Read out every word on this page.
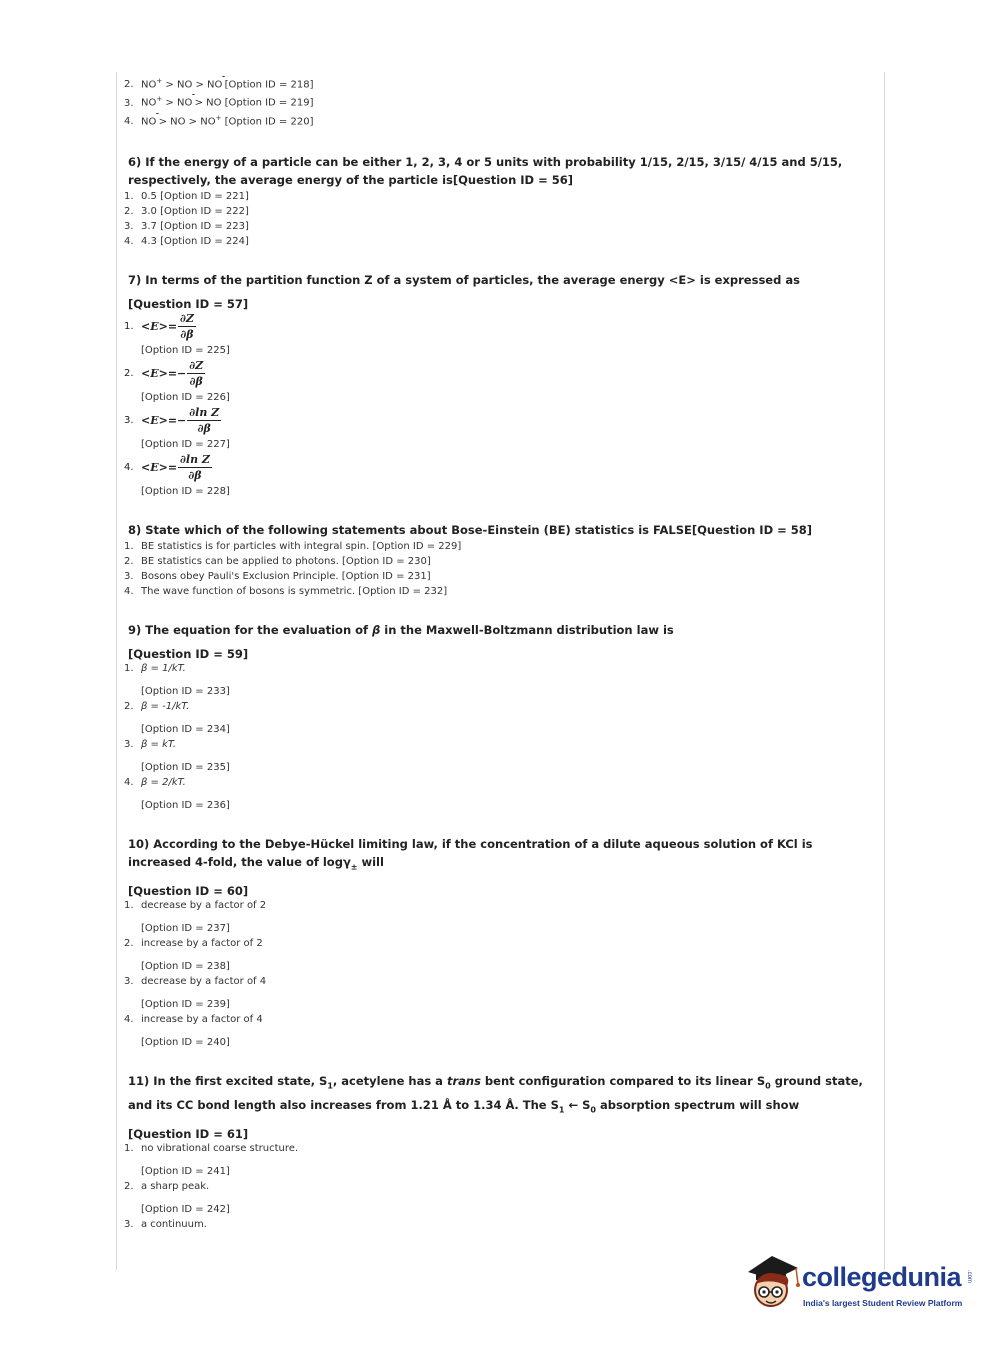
2. NO+ > NO > NO [Option ID = 218]
3. NO+ > NO > NO [Option ID = 219]
4. NO > NO > NO+ [Option ID = 220]
6) If the energy of a particle can be either 1, 2, 3, 4 or 5 units with probability 1/15, 2/15, 3/15/ 4/15 and 5/15, respectively, the average energy of the particle is[Question ID = 56]
1. 0.5 [Option ID = 221]
2. 3.0 [Option ID = 222]
3. 3.7 [Option ID = 223]
4. 4.3 [Option ID = 224]
7) In terms of the partition function Z of a system of particles, the average energy <E> is expressed as
[Question ID = 57]
1. $<E>= \frac{\partial Z}{\partial\beta}$
[Option ID = 225]
2. $<E>= - \frac{\partial Z}{\partial\beta}$
[Option ID = 226]
3. $<E>= - \frac{\text{∂ln Z}}{\partial\beta}$
[Option ID = 227]
4. $<E>= \frac{\text{∂ln Z}}{\partial\beta}$
[Option ID = 228]
8) State which of the following statements about Bose-Einstein (BE) statistics is FALSE[Question ID = 58]
1. BE statistics is for particles with integral spin. [Option ID = 229]
2. BE statistics can be applied to photons. [Option ID = 230]
3. Bosons obey Pauli's Exclusion Principle. [Option ID = 231]
4. The wave function of bosons is symmetric. [Option ID = 232]
9) The equation for the evaluation of β in the Maxwell-Boltzmann distribution law is
[Question ID = 59]
1. β = 1/kT.
[Option ID = 233]
2. β = -1/kT.
[Option ID = 234]
3. β = kT.
[Option ID = 235]
4. β = 2/kT.
[Option ID = 236]
10) According to the Debye-Hückel limiting law, if the concentration of a dilute aqueous solution of KCl is increased 4-fold, the value of logγ$_\pm$ will
[Question ID = 60]
1. decrease by a factor of 2
[Option ID = 237]
2. increase by a factor of 2
[Option ID = 238]
3. decrease by a factor of 4
[Option ID = 239]
4. increase by a factor of 4
[Option ID = 240]
11) In the first excited state, $S_1$, acetylene has a trans bent configuration compared to its linear $S_0$ ground state, and its CC bond length also increases from 1.21 Å to 1.34 Å. The $S_1$ ← $S_0$ absorption spectrum will show
[Question ID = 61]
1. no vibrational coarse structure.
[Option ID = 241]
2. a sharp peak.
[Option ID = 242]
3. a continuum.
collegedunia .com
India's largest Student Review Platform
